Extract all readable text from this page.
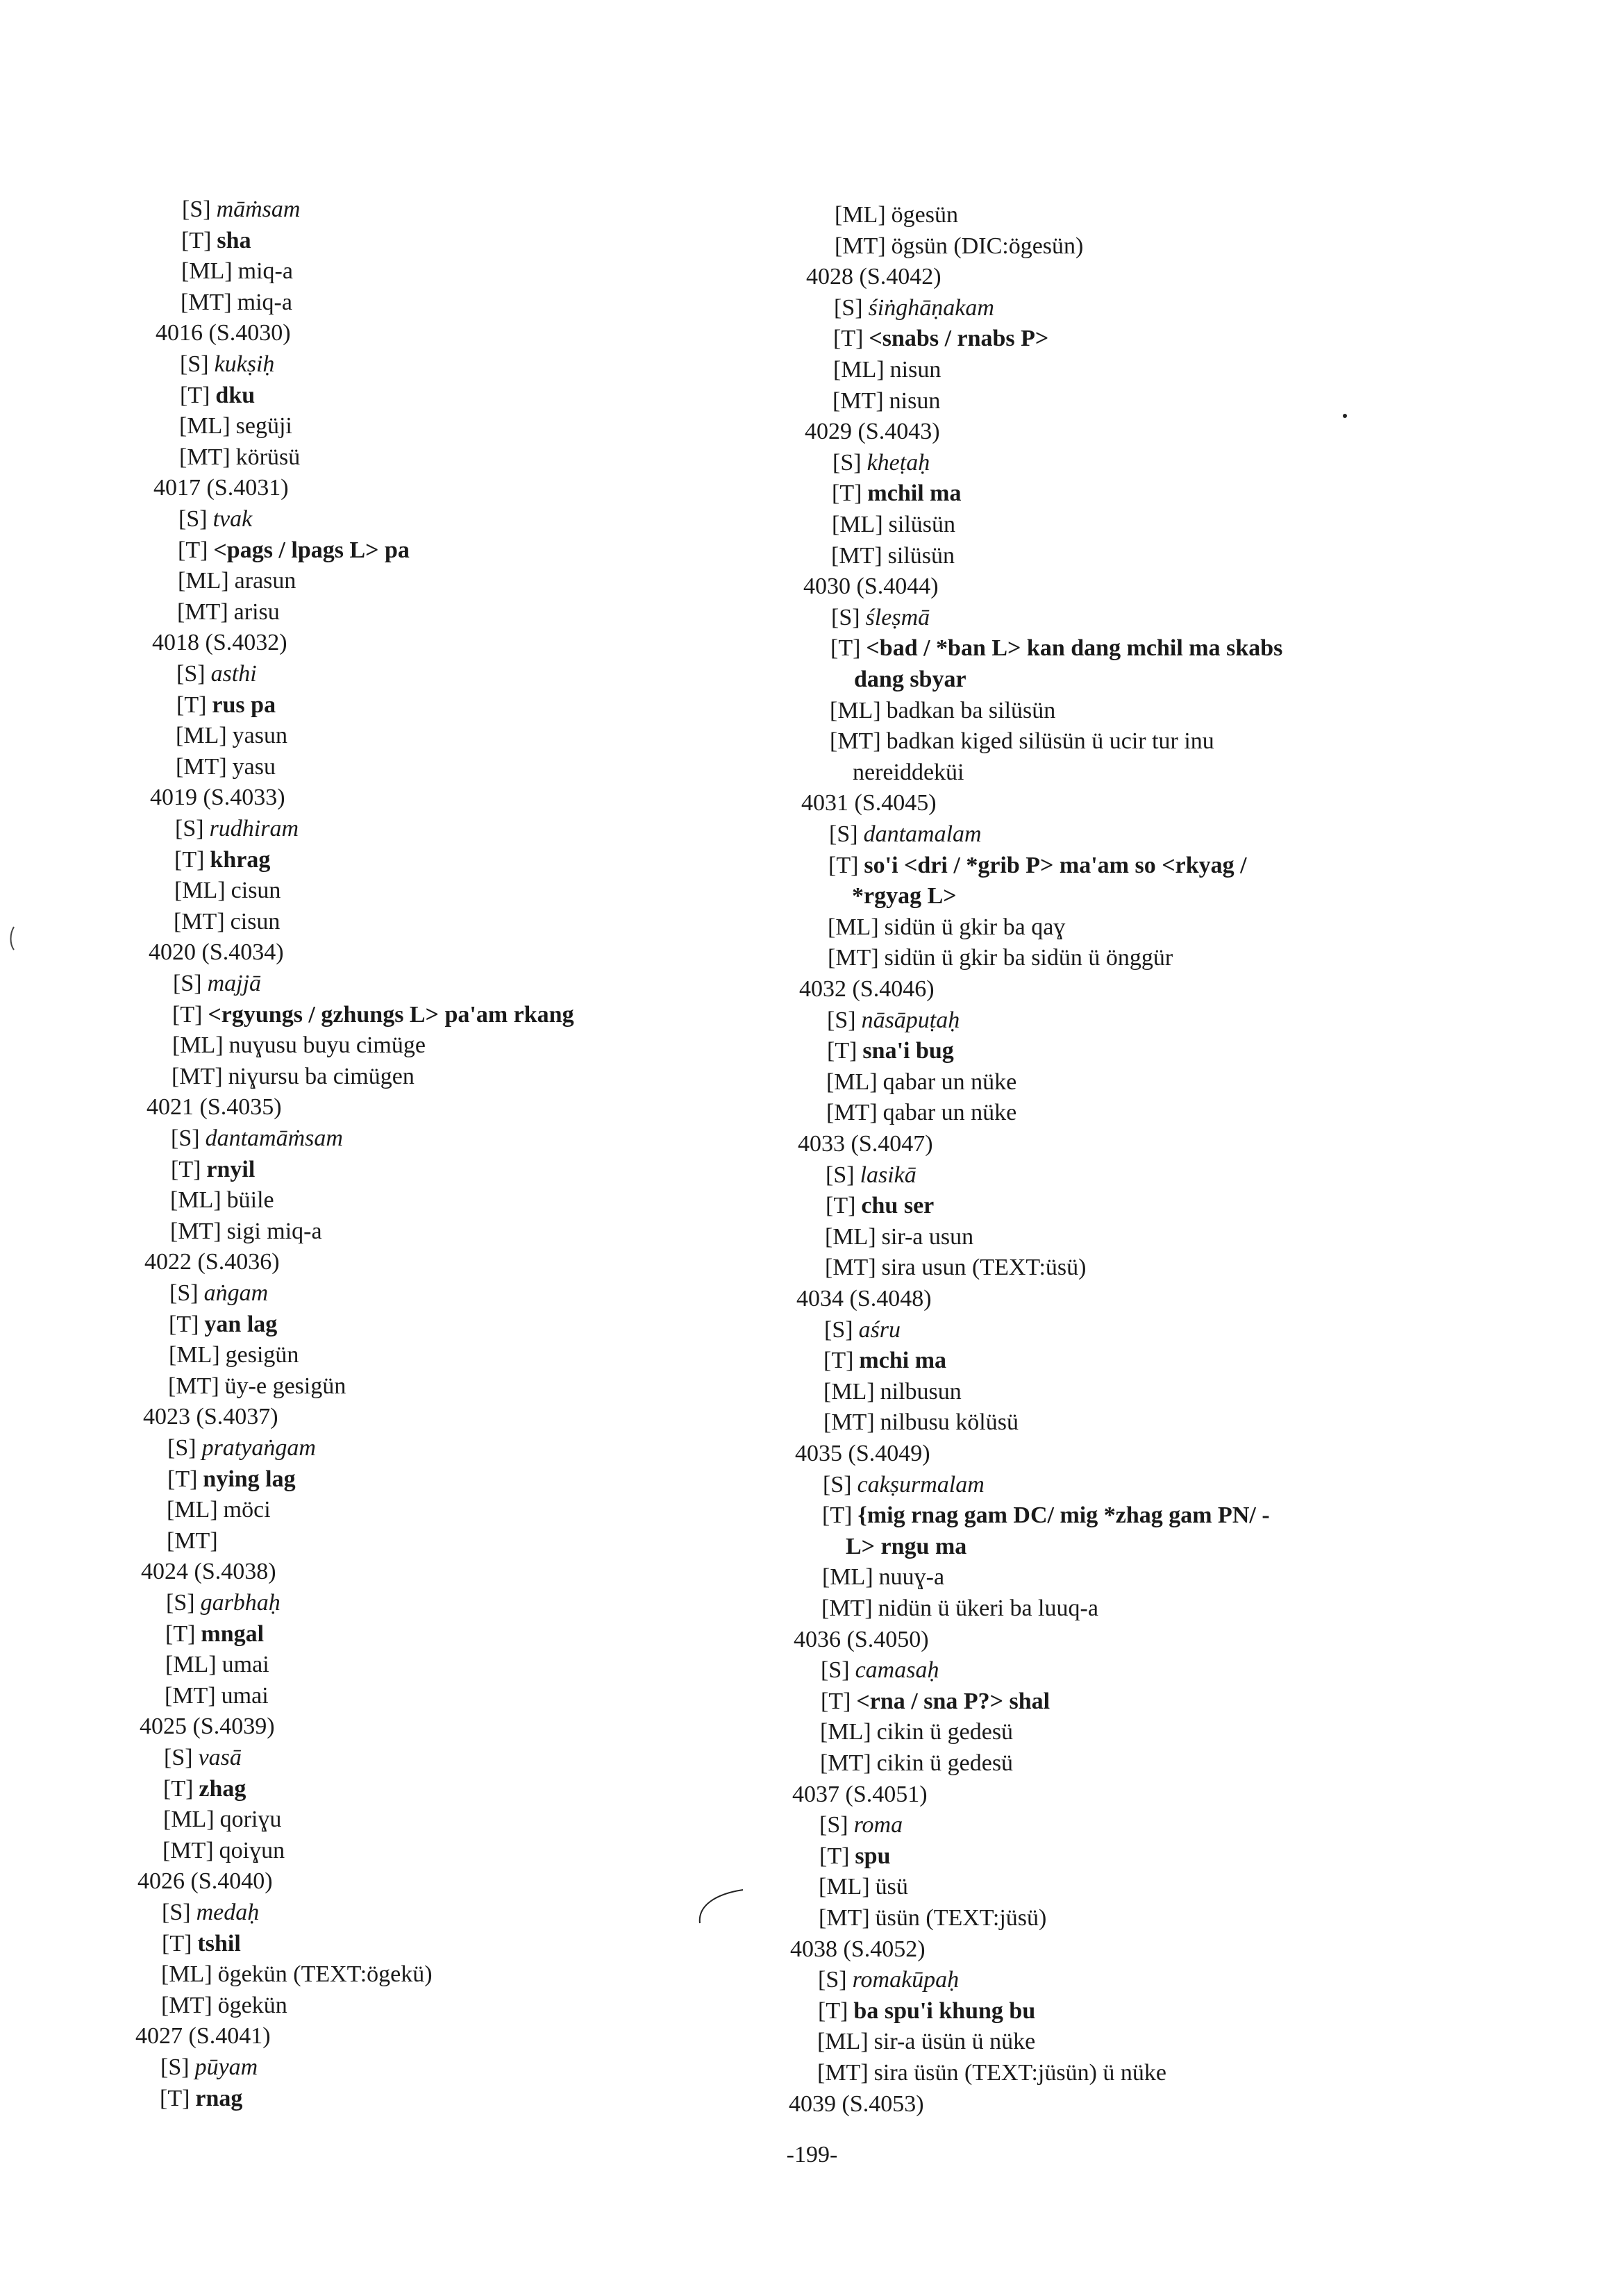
[S] māṁsam
[T] sha
[ML] miq-a
[MT] miq-a
4016 (S.4030)
[S] kukṣiḥ
[T] dku
[ML] següji
[MT] körüsü
4017 (S.4031)
[S] tvak
[T] <pags / lpags L> pa
[ML] arasun
[MT] arisu
4018 (S.4032)
[S] asthi
[T] rus pa
[ML] yasun
[MT] yasu
4019 (S.4033)
[S] rudhiram
[T] khrag
[ML] cisun
[MT] cisun
4020 (S.4034)
[S] majjā
[T] <rgyungs / gzhungs L> pa'am rkang
[ML] nuɣusu buyu cimüge
[MT] niɣursu ba cimügen
4021 (S.4035)
[S] dantamāṁsam
[T] rnyil
[ML] büile
[MT] sigi miq-a
4022 (S.4036)
[S] aṅgam
[T] yan lag
[ML] gesigün
[MT] üy-e gesigün
4023 (S.4037)
[S] pratyaṅgam
[T] nying lag
[ML] möci
[MT]
4024 (S.4038)
[S] garbhaḥ
[T] mngal
[ML] umai
[MT] umai
4025 (S.4039)
[S] vasā
[T] zhag
[ML] qoriɣu
[MT] qoiɣun
4026 (S.4040)
[S] medaḥ
[T] tshil
[ML] ögekün (TEXT:ögekü)
[MT] ögekün
4027 (S.4041)
[S] pūyam
[T] rnag
[ML] ögesün
[MT] ögsün (DIC:ögesün)
4028 (S.4042)
[S] śiṅghāṇakam
[T] <snabs / rnabs P>
[ML] nisun
[MT] nisun
4029 (S.4043)
[S] kheṭaḥ
[T] mchil ma
[ML] silüsün
[MT] silüsün
4030 (S.4044)
[S] śleṣmā
[T] <bad / *ban L> kan dang mchil ma skabs
dang sbyar
[ML] badkan ba silüsün
[MT] badkan kiged silüsün ü ucir tur inu
nereiddeküi
4031 (S.4045)
[S] dantamalam
[T] so'i <dri / *grib P> ma'am so <rkyag /
*rgyag L>
[ML] sidün ü gkir ba qaɣ
[MT] sidün ü gkir ba sidün ü önggür
4032 (S.4046)
[S] nāsāpuṭaḥ
[T] sna'i bug
[ML] qabar un nüke
[MT] qabar un nüke
4033 (S.4047)
[S] lasikā
[T] chu ser
[ML] sir-a usun
[MT] sira usun (TEXT:üsü)
4034 (S.4048)
[S] aśru
[T] mchi ma
[ML] nilbusun
[MT] nilbusu kölüsü
4035 (S.4049)
[S] cakṣurmalam
[T] {mig rnag gam DC/ mig *zhag gam PN/ -
L> rngu ma
[ML] nuuɣ-a
[MT] nidün ü ükeri ba luuq-a
4036 (S.4050)
[S] camasaḥ
[T] <rna / sna P?> shal
[ML] cikin ü gedesü
[MT] cikin ü gedesü
4037 (S.4051)
[S] roma
[T] spu
[ML] üsü
[MT] üsün (TEXT:jüsü)
4038 (S.4052)
[S] romakūpaḥ
[T] ba spu'i khung bu
[ML] sir-a üsün ü nüke
[MT] sira üsün (TEXT:jüsün) ü nüke
4039 (S.4053)
-199-
